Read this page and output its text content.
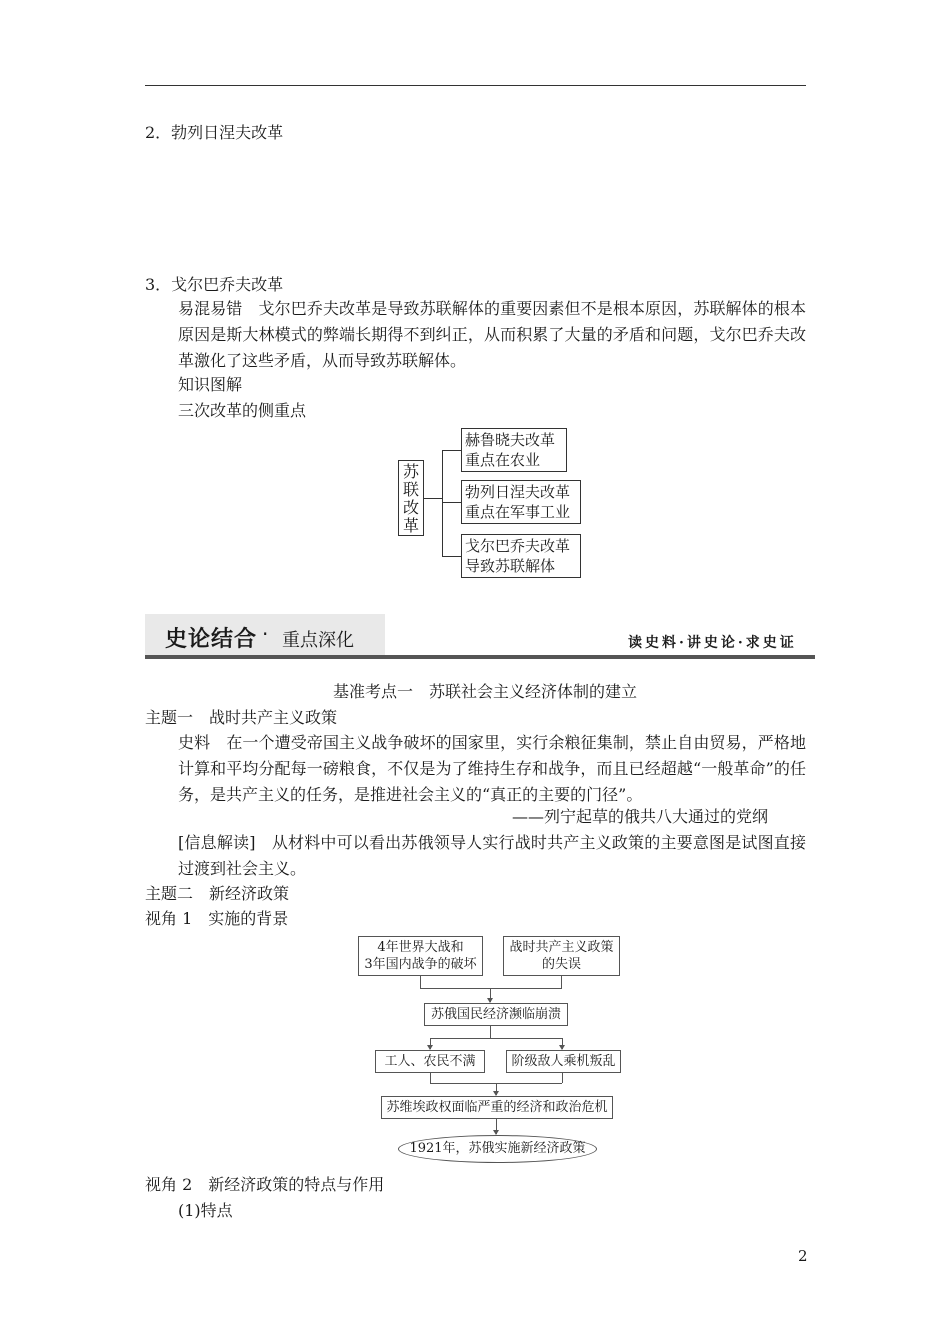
2．勃列日涅夫改革
3．戈尔巴乔夫改革
易混易错　 戈尔巴乔夫改革是导致苏联解体的重要因素但不是根本原因，苏联解体的根本原因是斯大林模式的弊端长期得不到纠正，从而积累了大量的矛盾和问题，戈尔巴乔夫改革激化了这些矛盾，从而导致苏联解体。
知识图解
三次改革的侧重点
苏联改革
赫鲁晓夫改革
重点在农业
勃列日涅夫改革
重点在军事工业
戈尔巴乔夫改革
导致苏联解体
史论结合 · 重点深化	读史料·讲史论·求史证
基准考点一　苏联社会主义经济体制的建立
主题一　战时共产主义政策
史料　 在一个遭受帝国主义战争破坏的国家里，实行余粮征集制，禁止自由贸易，严格地计算和平均分配每一磅粮食，不仅是为了维持生存和战争，而且已经超越“一般革命”的任务，是共产主义的任务，是推进社会主义的“真正的主要的门径”。
——列宁起草的俄共八大通过的党纲
[信息解读]　 从材料中可以看出苏俄领导人实行战时共产主义政策的主要意图是试图直接过渡到社会主义。
主题二　新经济政策
视角 1　实施的背景
4年世界大战和
3年国内战争的破坏
战时共产主义政策
的失误
苏俄国民经济濒临崩溃
工人、农民不满	阶级敌人乘机叛乱
苏维埃政权面临严重的经济和政治危机
1921年，苏俄实施新经济政策
视角 2　新经济政策的特点与作用
(1)特点
2
